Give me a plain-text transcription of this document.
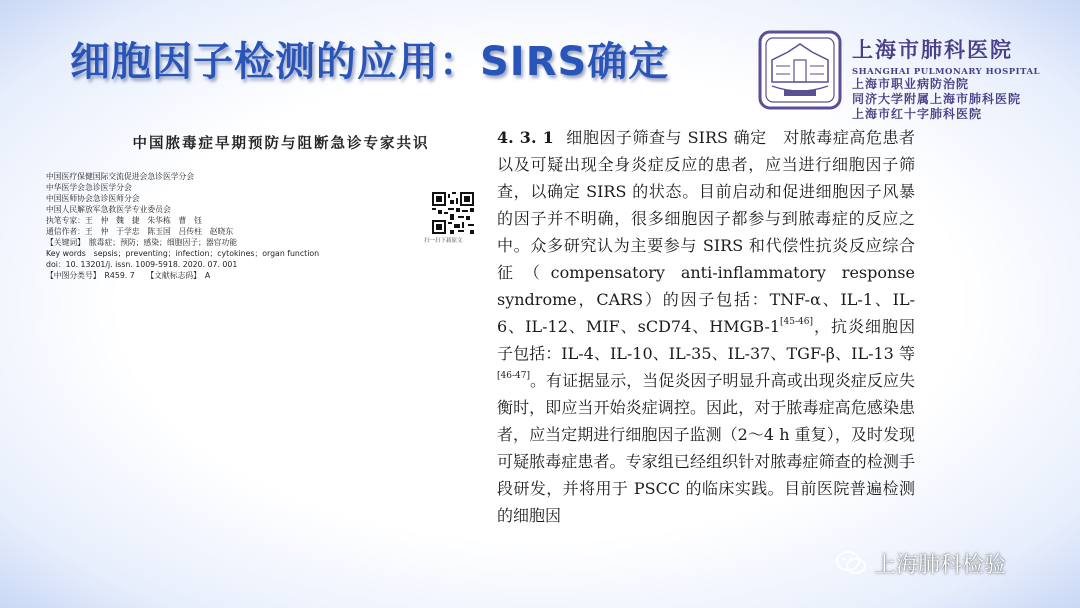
细胞因子检测的应用：SIRS确定	上海市肺科医院
SHANGHAI PULMONARY HOSPITAL
上海市职业病防治院
同济大学附属上海市肺科医院
上海市红十字肺科医院
中国脓毒症早期预防与阻断急诊专家共识
中国医疗保健国际交流促进会急诊医学分会
中华医学会急诊医学分会
中国医师协会急诊医师分会
中国人民解放军急救医学专业委员会
执笔专家：王　仲　魏　捷　朱华栋　曹　钰
通信作者：王　仲　于学忠　陈玉国　吕传柱　赵晓东
【关键词】　脓毒症；预防；感染；细胞因子；器官功能
Key words　sepsis；preventing；infection；cytokines；organ function
doi：10. 13201/j. issn. 1009-5918. 2020. 07. 001
【中图分类号】　R459. 7　　【文献标志码】　A
扫一扫下载原文

4. 3. 1 细胞因子筛查与 SIRS 确定　 对脓毒症高危患者以及可疑出现全身炎症反应的患者，应当进行细胞因子筛查，以确定 SIRS 的状态。目前启动和促进细胞因子风暴的因子并不明确，很多细胞因子都参与到脓毒症的反应之中。众多研究认为主要参与 SIRS 和代偿性抗炎反应综合征（compensatory anti-inflammatory response syndrome，CARS）的因子包括：TNF-α、IL-1、IL-6、IL-12、MIF、sCD74、HMGB-1[45-46]，抗炎细胞因子包括：IL-4、IL-10、IL-35、IL-37、TGF-β、IL-13 等[46-47]。有证据显示，当促炎因子明显升高或出现炎症反应失衡时，即应当开始炎症调控。因此，对于脓毒症高危感染患者，应当定期进行细胞因子监测（2～4 h 重复），及时发现可疑脓毒症患者。专家组已经组织针对脓毒症筛查的检测手段研发，并将用于 PSCC 的临床实践。目前医院普遍检测的细胞因

上海肺科检验
